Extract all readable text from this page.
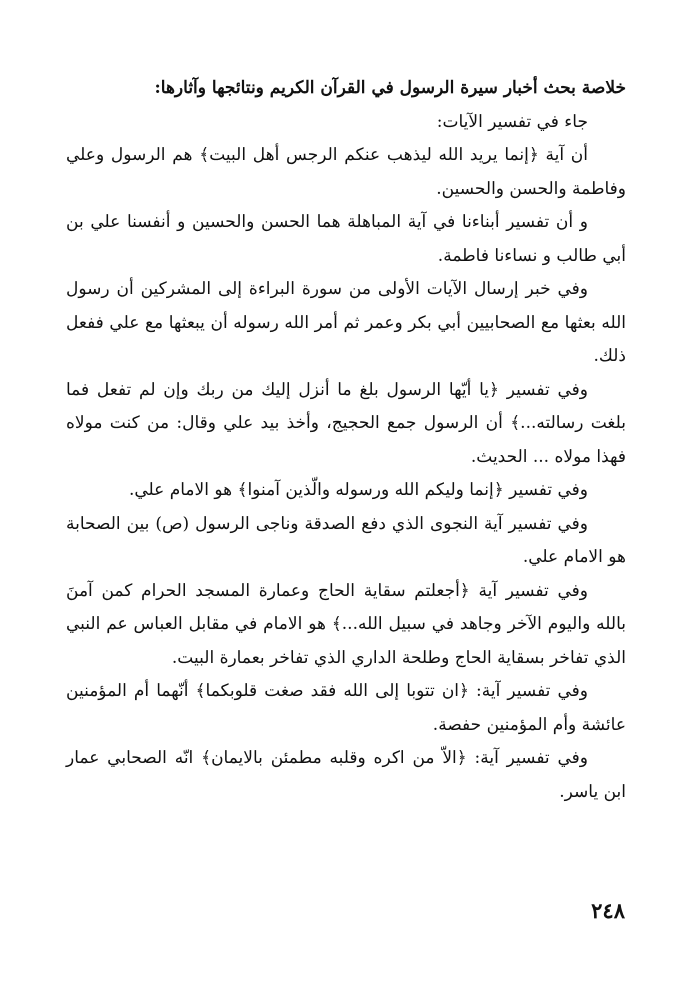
خلاصة بحث أخبار سيرة الرسول في القرآن الكريم ونتائجها وآثارها:

جاء في تفسير الآيات:

أن آية ﴿إنما يريد الله ليذهب عنكم الرجس أهل البيت﴾ هم الرسول وعلي وفاطمة والحسن والحسين.

و أن تفسير أبناءنا في آية المباهلة هما الحسن والحسين و أنفسنا علي بن أبي طالب و نساءنا فاطمة.

وفي خبر إرسال الآيات الأولى من سورة البراءة إلى المشركين أن رسول الله بعثها مع الصحابيين أبي بكر وعمر ثم أمر الله رسوله أن يبعثها مع علي ففعل ذلك.

وفي تفسير ﴿يا أيّها الرسول بلغ ما أنزل إليك من ربك وإن لم تفعل فما بلغت رسالته...﴾ أن الرسول جمع الحجيج، وأخذ بيد علي وقال: من كنت مولاه فهذا مولاه ... الحديث.

وفي تفسير ﴿إنما وليكم الله ورسوله والّذين آمنوا﴾ هو الامام علي.

وفي تفسير آية النجوى الذي دفع الصدقة وناجى الرسول (ص) بين الصحابة هو الامام علي.

وفي تفسير آية ﴿أجعلتم سقاية الحاج وعمارة المسجد الحرام كمن آمنَ بالله واليوم الآخر وجاهد في سبيل الله...﴾ هو الامام في مقابل العباس عم النبي الذي تفاخر بسقاية الحاج وطلحة الداري الذي تفاخر بعمارة البيت.

وفي تفسير آية: ﴿ان تتوبا إلى الله فقد صغت قلوبكما﴾ أنّهما أم المؤمنين عائشة وأم المؤمنين حفصة.

وفي تفسير آية: ﴿الاّ من اكره وقلبه مطمئن بالايمان﴾ انّه الصحابي عمار ابن ياسر.

٢٤٨
